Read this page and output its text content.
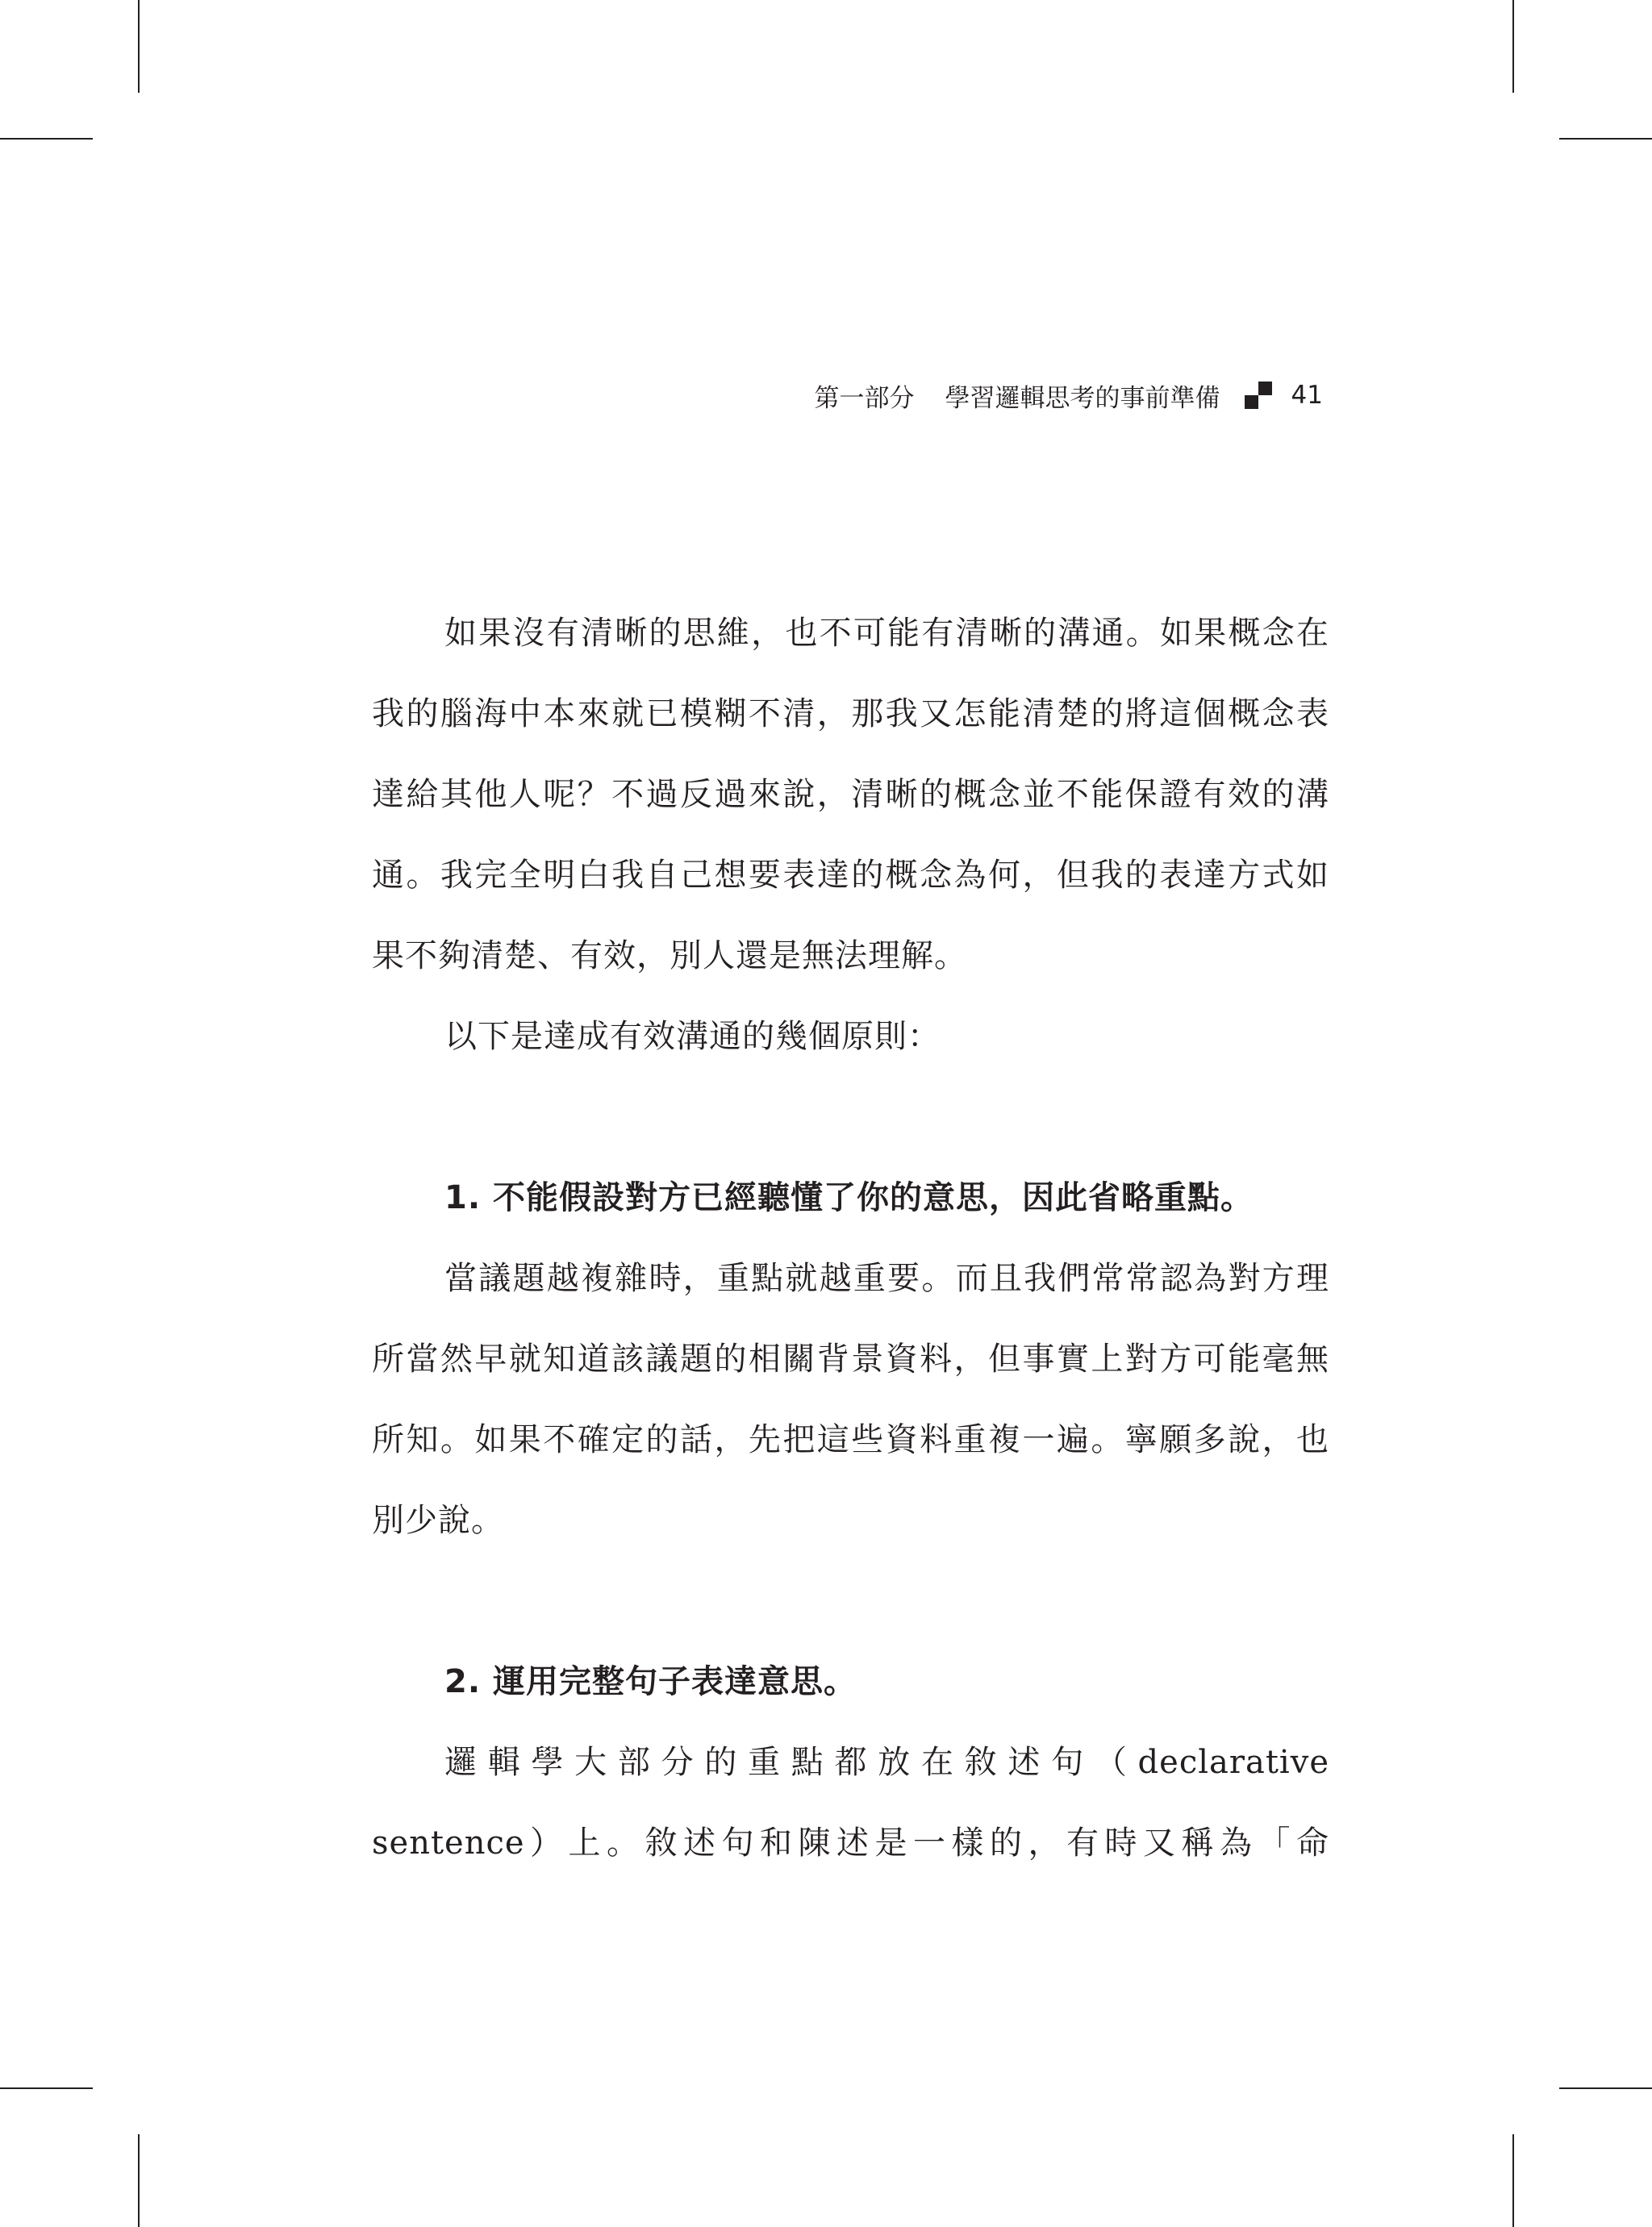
第一部分 學習邏輯思考的事前準備	41

如果沒有清晰的思維，也不可能有清晰的溝通。如果概念在我的腦海中本來就已模糊不清，那我又怎能清楚的將這個概念表達給其他人呢？不過反過來說，清晰的概念並不能保證有效的溝通。我完全明白我自己想要表達的概念為何，但我的表達方式如果不夠清楚、有效，別人還是無法理解。

以下是達成有效溝通的幾個原則：

1. 不能假設對方已經聽懂了你的意思，因此省略重點。

當議題越複雜時，重點就越重要。而且我們常常認為對方理所當然早就知道該議題的相關背景資料，但事實上對方可能毫無所知。如果不確定的話，先把這些資料重複一遍。寧願多說，也別少說。

2. 運用完整句子表達意思。

邏輯學大部分的重點都放在敘述句（declarative sentence）上。敘述句和陳述是一樣的，有時又稱為「命
